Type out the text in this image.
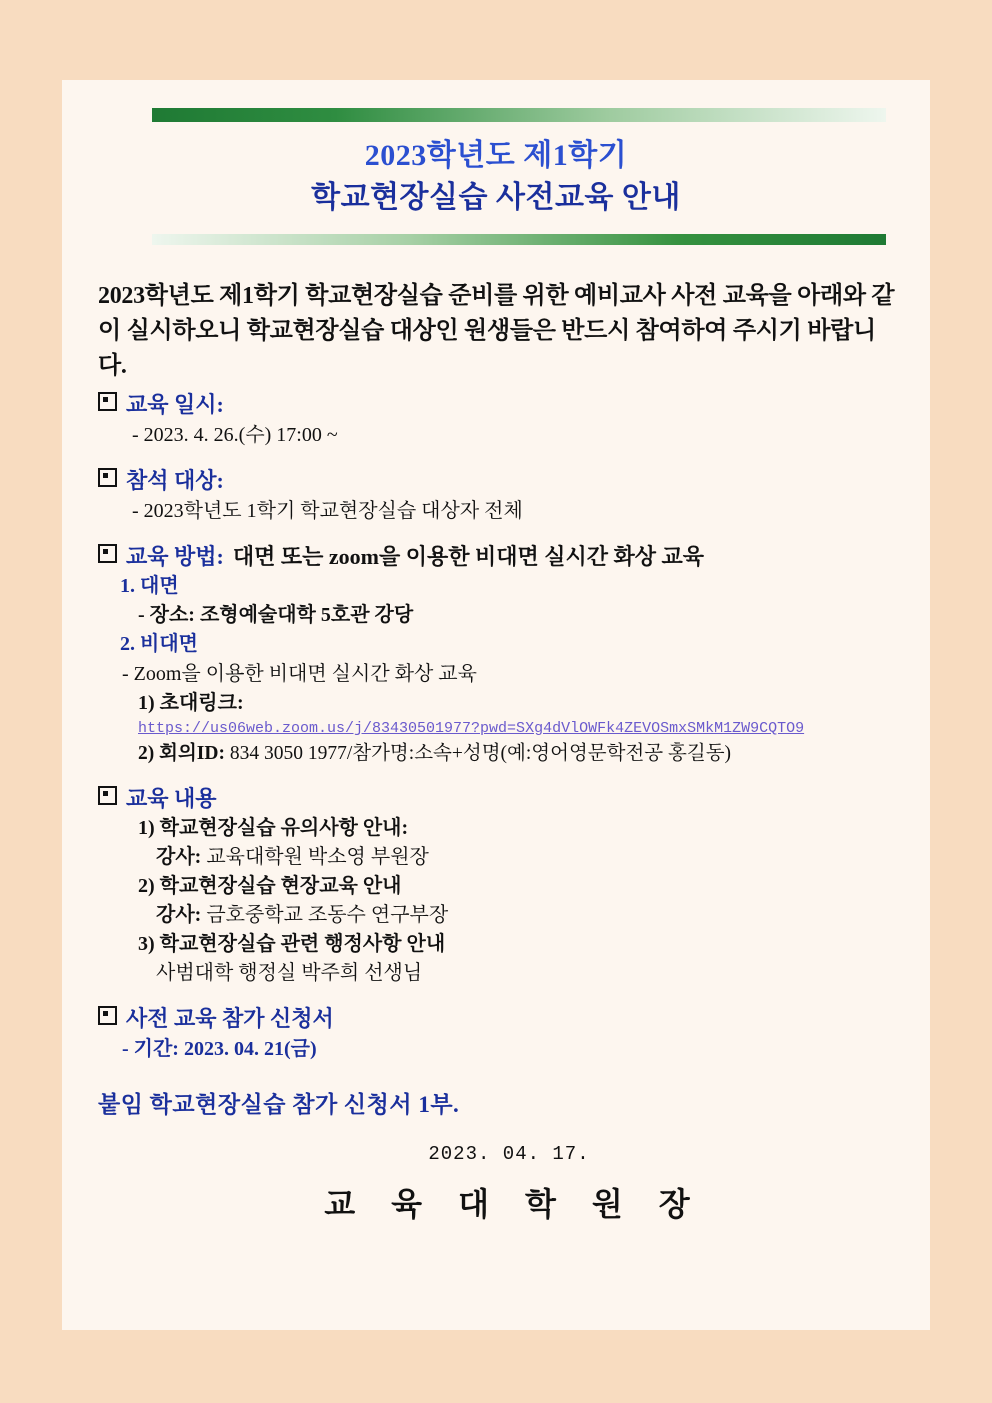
2023학년도 제1학기
학교현장실습 사전교육 안내
2023학년도 제1학기 학교현장실습 준비를 위한 예비교사 사전 교육을 아래와 같이 실시하오니 학교현장실습 대상인 원생들은 반드시 참여하여 주시기 바랍니다.
교육 일시:
- 2023. 4. 26.(수) 17:00 ~
참석 대상:
- 2023학년도 1학기 학교현장실습 대상자 전체
교육 방법: 대면 또는 zoom을 이용한 비대면 실시간 화상 교육
1. 대면
- 장소: 조형예술대학 5호관 강당
2. 비대면
- Zoom을 이용한 비대면 실시간 화상 교육
1) 초대링크:
https://us06web.zoom.us/j/83430501977?pwd=SXg4dVlOWFk4ZEVOSmxSMkM1ZW9CQTO9
2) 회의ID: 834 3050 1977/참가명:소속+성명(예:영어영문학전공 홍길동)
교육 내용
1) 학교현장실습 유의사항 안내:
강사: 교육대학원 박소영 부원장
2) 학교현장실습 현장교육 안내
강사: 금호중학교 조동수 연구부장
3) 학교현장실습 관련 행정사항 안내
사범대학 행정실 박주희 선생님
사전 교육 참가 신청서
- 기간: 2023. 04. 21(금)
붙임 학교현장실습 참가 신청서 1부.
2023. 04. 17.
교 육 대 학 원 장
